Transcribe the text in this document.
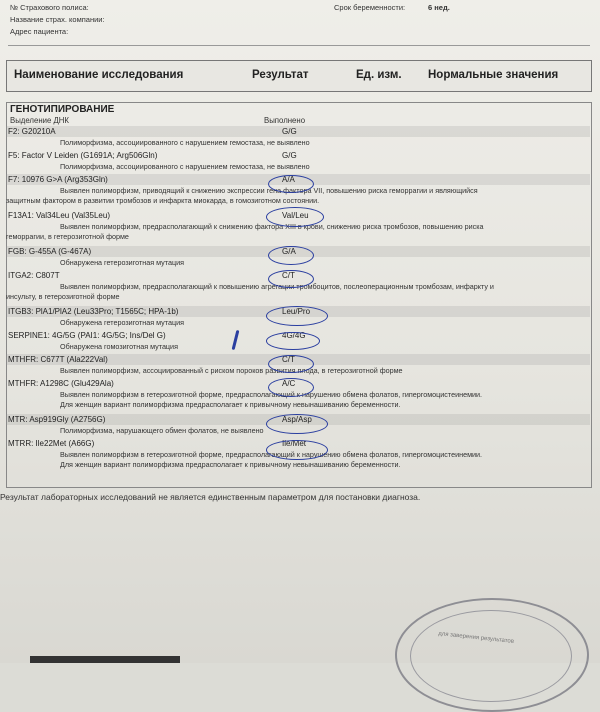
№ Страхового полиса:
Название страх. компании:
Адрес пациента:
Срок беременности:	6 нед.
Наименование исследования	Результат	Ед. изм. Нормальные значения
ГЕНОТИПИРОВАНИЕ
Выделение ДНК	Выполнено
F2: G20210A	G/G
Полиморфизма, ассоциированного с нарушением гемостаза, не выявлено
F5: Factor V Leiden (G1691A; Arg506Gln)	G/G
Полиморфизма, ассоциированного с нарушением гемостаза, не выявлено
F7: 10976 G>A (Arg353Gln)	A/A
Выявлен полиморфизм, приводящий к снижению экспрессии гена фактора VII, повышению риска геморрагии и являющийся
защитным фактором в развитии тромбозов и инфаркта миокарда, в гомозиготном состоянии.
F13A1: Val34Leu (Val35Leu)	Val/Leu
Выявлен полиморфизм, предрасполагающий к снижению фактора XIII в крови, снижению риска тромбозов, повышению риска
геморрагии, в гетерозиготной форме
FGB: G-455A (G-467A)	G/A
Обнаружена гетерозиготная мутация
ITGA2: C807T	C/T
Выявлен полиморфизм, предрасполагающий к повышению агрегации тромбоцитов, послеоперационным тромбозам, инфаркту и
инсульту, в гетерозиготной форме
ITGB3: PlA1/PlA2 (Leu33Pro; T1565C; HPA-1b)	Leu/Pro
Обнаружена гетерозиготная мутация
SERPINE1: 4G/5G (PAI1: 4G/5G; Ins/Del G)	4G/4G
Обнаружена гомозиготная мутация
MTHFR: C677T (Ala222Val)	C/T
Выявлен полиморфизм, ассоциированный с риском пороков развития плода, в гетерозиготной форме
MTHFR: A1298C (Glu429Ala)	A/C
Выявлен полиморфизм в гетерозиготной форме, предрасполагающий к нарушению обмена фолатов, гипергомоцистеинемии.
Для женщин вариант полиморфизма предрасполагает к привычному невынашиванию беременности.
MTR: Asp919Gly (A2756G)	Asp/Asp
Полиморфизма, нарушающего обмен фолатов, не выявлено
MTRR: Ile22Met (A66G)	Ile/Met
Выявлен полиморфизм в гетерозиготной форме, предрасполагающий к нарушению обмена фолатов, гипергомоцистеинемии.
Для женщин вариант полиморфизма предрасполагает к привычному невынашиванию беременности.
Результат лабораторных исследований не является единственным параметром для постановки диагноза.
для заверения результатов
